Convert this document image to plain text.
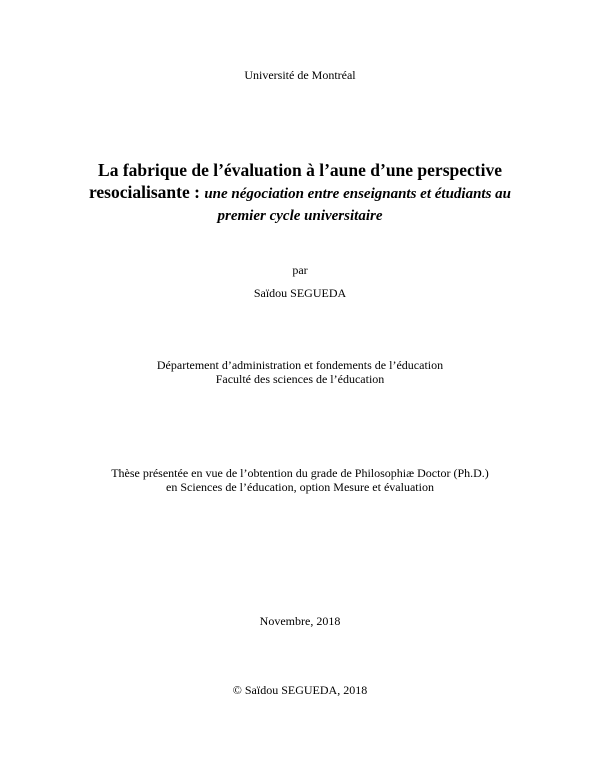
Université de Montréal
La fabrique de l’évaluation à l’aune d’une perspective
resocialisante : une négociation entre enseignants et étudiants au
premier cycle universitaire
par
Saïdou SEGUEDA
Département d’administration et fondements de l’éducation
Faculté des sciences de l’éducation
Thèse présentée en vue de l’obtention du grade de Philosophiæ Doctor (Ph.D.)
en Sciences de l’éducation, option Mesure et évaluation
Novembre, 2018
© Saïdou SEGUEDA, 2018
